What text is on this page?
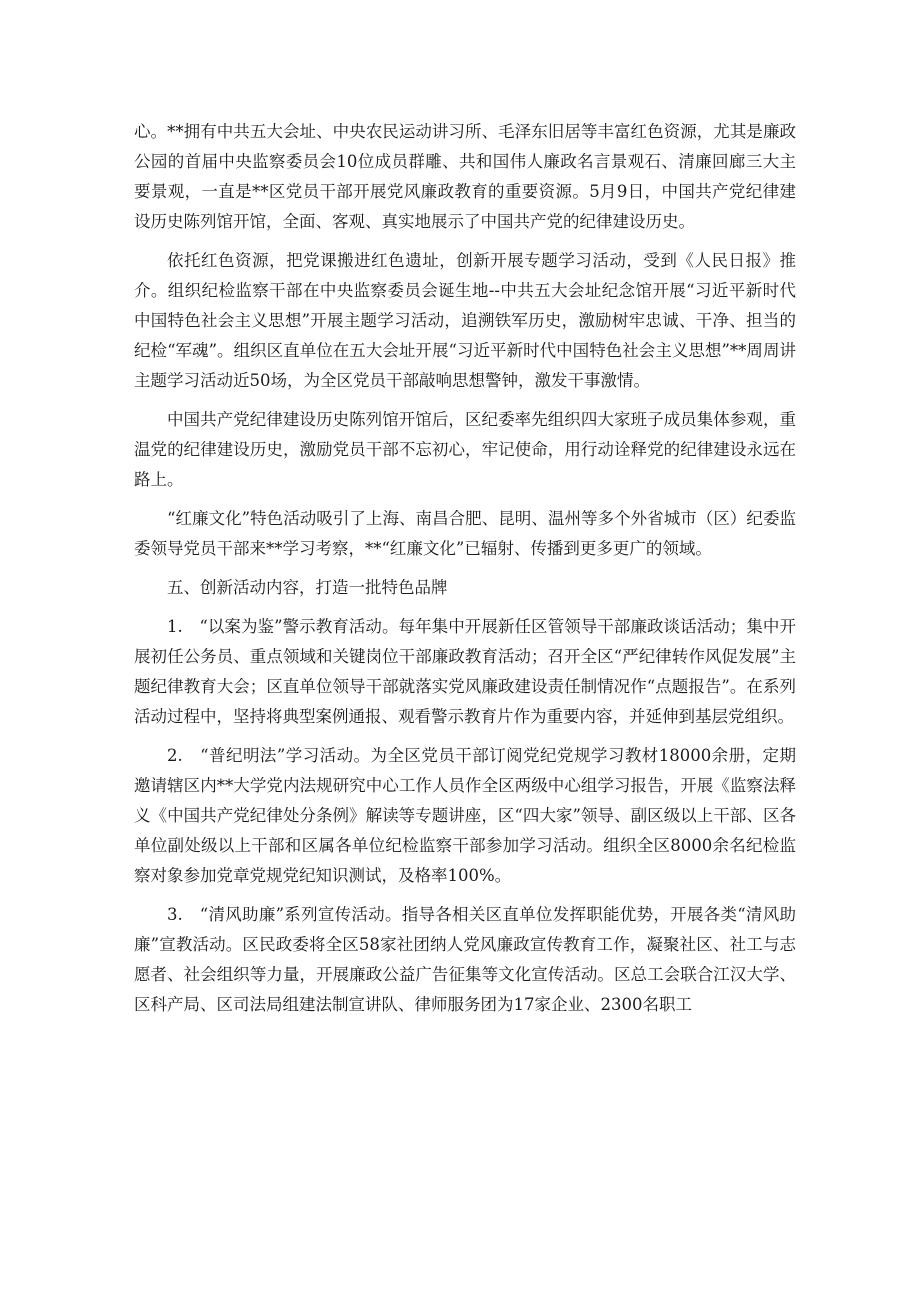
心。**拥有中共五大会址、中央农民运动讲习所、毛泽东旧居等丰富红色资源，尤其是廉政公园的首届中央监察委员会10位成员群雕、共和国伟人廉政名言景观石、清廉回廊三大主要景观，一直是**区党员干部开展党风廉政教育的重要资源。5月9日，中国共产党纪律建设历史陈列馆开馆，全面、客观、真实地展示了中国共产党的纪律建设历史。

依托红色资源，把党课搬进红色遗址，创新开展专题学习活动，受到《人民日报》推介。组织纪检监察干部在中央监察委员会诞生地--中共五大会址纪念馆开展“习近平新时代中国特色社会主义思想”开展主题学习活动，追溯铁军历史，激励树牢忠诚、干净、担当的纪检“军魂”。组织区直单位在五大会址开展“习近平新时代中国特色社会主义思想”**周周讲主题学习活动近50场，为全区党员干部敲响思想警钟，激发干事激情。

中国共产党纪律建设历史陈列馆开馆后，区纪委率先组织四大家班子成员集体参观，重温党的纪律建设历史，激励党员干部不忘初心，牢记使命，用行动诠释党的纪律建设永远在路上。

“红廉文化”特色活动吸引了上海、南昌合肥、昆明、温州等多个外省城市（区）纪委监委领导党员干部来**学习考察，**“红廉文化”已辐射、传播到更多更广的领域。

五、创新活动内容，打造一批特色品牌

1.　“以案为鉴”警示教育活动。每年集中开展新任区管领导干部廉政谈话活动；集中开展初任公务员、重点领域和关键岗位干部廉政教育活动；召开全区“严纪律转作风促发展”主题纪律教育大会；区直单位领导干部就落实党风廉政建设责任制情况作“点题报告”。在系列活动过程中，坚持将典型案例通报、观看警示教育片作为重要内容，并延伸到基层党组织。

2.　“普纪明法”学习活动。为全区党员干部订阅党纪党规学习教材18000余册，定期邀请辖区内**大学党内法规研究中心工作人员作全区两级中心组学习报告，开展《监察法释义《中国共产党纪律处分条例》解读等专题讲座，区“四大家”领导、副区级以上干部、区各单位副处级以上干部和区属各单位纪检监察干部参加学习活动。组织全区8000余名纪检监察对象参加党章党规党纪知识测试，及格率100%。

3.　“清风助廉”系列宣传活动。指导各相关区直单位发挥职能优势，开展各类“清风助廉”宣教活动。区民政委将全区58家社团纳人党风廉政宣传教育工作，凝聚社区、社工与志愿者、社会组织等力量，开展廉政公益广告征集等文化宣传活动。区总工会联合江汉大学、区科产局、区司法局组建法制宣讲队、律师服务团为17家企业、2300名职工
